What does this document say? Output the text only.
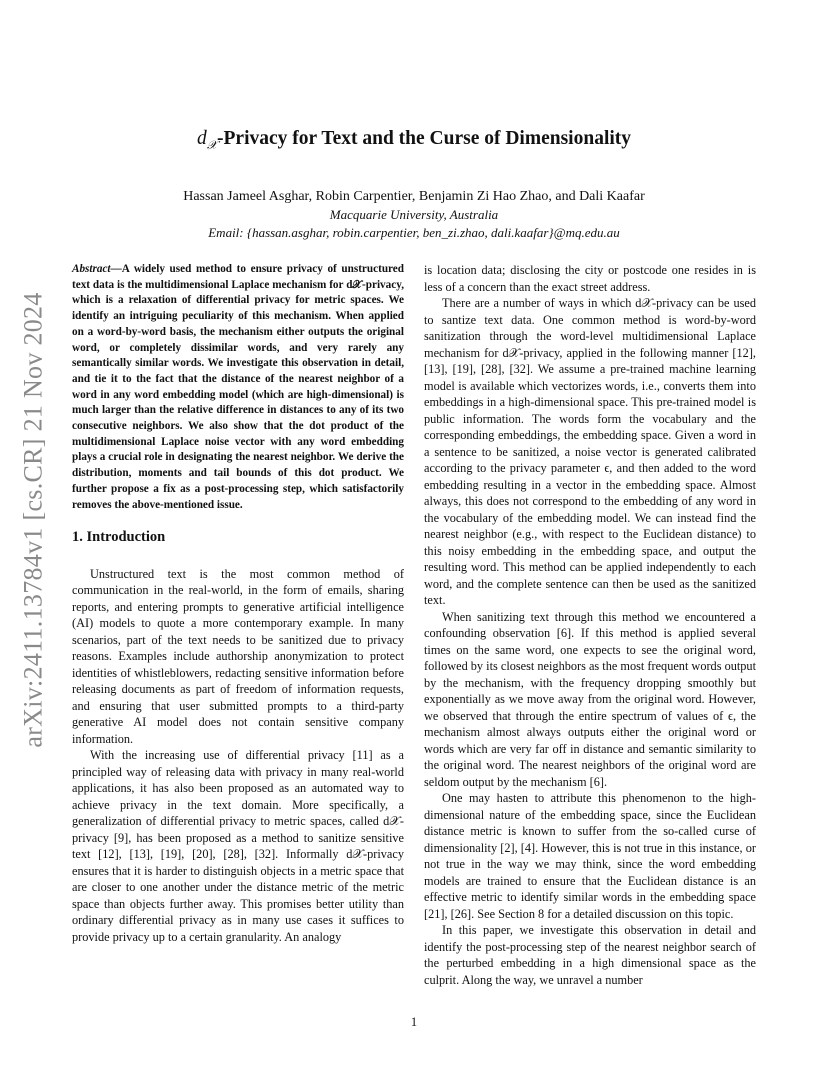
arXiv:2411.13784v1 [cs.CR] 21 Nov 2024
$d_𝒳$-Privacy for Text and the Curse of Dimensionality
Hassan Jameel Asghar, Robin Carpentier, Benjamin Zi Hao Zhao, and Dali Kaafar
Macquarie University, Australia
Email: {hassan.asghar, robin.carpentier, ben_zi.zhao, dali.kaafar}@mq.edu.au
Abstract—A widely used method to ensure privacy of unstructured text data is the multidimensional Laplace mechanism for d𝒳-privacy, which is a relaxation of differential privacy for metric spaces. We identify an intriguing peculiarity of this mechanism. When applied on a word-by-word basis, the mechanism either outputs the original word, or completely dissimilar words, and very rarely any semantically similar words. We investigate this observation in detail, and tie it to the fact that the distance of the nearest neighbor of a word in any word embedding model (which are high-dimensional) is much larger than the relative difference in distances to any of its two consecutive neighbors. We also show that the dot product of the multidimensional Laplace noise vector with any word embedding plays a crucial role in designating the nearest neighbor. We derive the distribution, moments and tail bounds of this dot product. We further propose a fix as a post-processing step, which satisfactorily removes the above-mentioned issue.
1. Introduction

Unstructured text is the most common method of communication in the real-world, in the form of emails, sharing reports, and entering prompts to generative artificial intelligence (AI) models to quote a more contemporary example. In many scenarios, part of the text needs to be sanitized due to privacy reasons. Examples include authorship anonymization to protect identities of whistleblowers, redacting sensitive information before releasing documents as part of freedom of information requests, and ensuring that user submitted prompts to a third-party generative AI model does not contain sensitive company information.

With the increasing use of differential privacy [11] as a principled way of releasing data with privacy in many real-world applications, it has also been proposed as an automated way to achieve privacy in the text domain. More specifically, a generalization of differential privacy to metric spaces, called d𝒳-privacy [9], has been proposed as a method to sanitize sensitive text [12], [13], [19], [20], [28], [32]. Informally d𝒳-privacy ensures that it is harder to distinguish objects in a metric space that are closer to one another under the distance metric of the metric space than objects further away. This promises better utility than ordinary differential privacy as in many use cases it suffices to provide privacy up to a certain granularity. An analogy

is location data; disclosing the city or postcode one resides in is less of a concern than the exact street address.

There are a number of ways in which d𝒳-privacy can be used to santize text data. One common method is word-by-word sanitization through the word-level multidimensional Laplace mechanism for d𝒳-privacy, applied in the following manner [12], [13], [19], [28], [32]. We assume a pre-trained machine learning model is available which vectorizes words, i.e., converts them into embeddings in a high-dimensional space. This pre-trained model is public information. The words form the vocabulary and the corresponding embeddings, the embedding space. Given a word in a sentence to be sanitized, a noise vector is generated calibrated according to the privacy parameter ϵ, and then added to the word embedding resulting in a vector in the embedding space. Almost always, this does not correspond to the embedding of any word in the vocabulary of the embedding model. We can instead find the nearest neighbor (e.g., with respect to the Euclidean distance) to this noisy embedding in the embedding space, and output the resulting word. This method can be applied independently to each word, and the complete sentence can then be used as the sanitized text.

When sanitizing text through this method we encountered a confounding observation [6]. If this method is applied several times on the same word, one expects to see the original word, followed by its closest neighbors as the most frequent words output by the mechanism, with the frequency dropping smoothly but exponentially as we move away from the original word. However, we observed that through the entire spectrum of values of ϵ, the mechanism almost always outputs either the original word or words which are very far off in distance and semantic similarity to the original word. The nearest neighbors of the original word are seldom output by the mechanism [6].

One may hasten to attribute this phenomenon to the high-dimensional nature of the embedding space, since the Euclidean distance metric is known to suffer from the so-called curse of dimensionality [2], [4]. However, this is not true in this instance, or not true in the way we may think, since the word embedding models are trained to ensure that the Euclidean distance is an effective metric to identify similar words in the embedding space [21], [26]. See Section 8 for a detailed discussion on this topic.

In this paper, we investigate this observation in detail and identify the post-processing step of the nearest neighbor search of the perturbed embedding in a high dimensional space as the culprit. Along the way, we unravel a number

1
